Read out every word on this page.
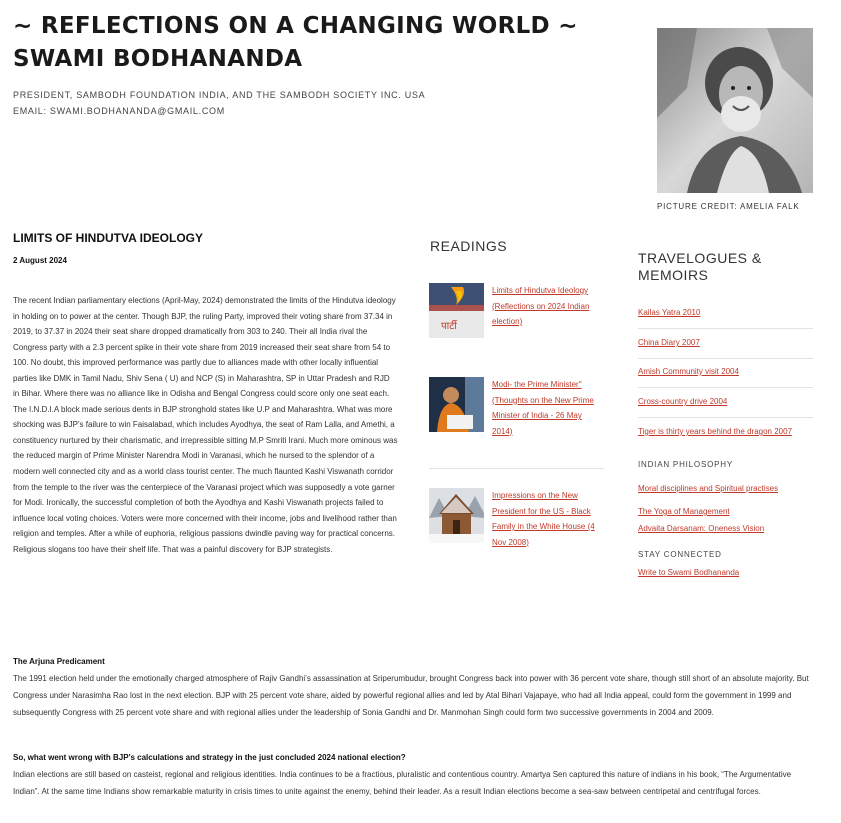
~ REFLECTIONS ON A CHANGING WORLD ~
SWAMI BODHANANDA
PRESIDENT, SAMBODH FOUNDATION INDIA, AND THE SAMBODH SOCIETY INC. USA
EMAIL: SWAMI.BODHANANDA@GMAIL.COM
PICTURE CREDIT: AMELIA FALK
LIMITS OF HINDUTVA IDEOLOGY
2 August 2024
The recent Indian parliamentary elections (April-May, 2024) demonstrated the limits of the Hindutva ideology in holding on to power at the center. Though BJP, the ruling Party, improved their voting share from 37.34 in 2019, to 37.37 in 2024 their seat share dropped dramatically from 303 to 240. Their all India rival the Congress party with a 2.3 percent spike in their vote share from 2019 increased their seat share from 54 to 100. No doubt, this improved performance was partly due to alliances made with other locally influential parties like DMK in Tamil Nadu, Shiv Sena ( U) and NCP (S) in Maharashtra, SP in Uttar Pradesh and RJD in Bihar. Where there was no alliance like in Odisha and Bengal Congress could score only one seat each. The I.N.D.I.A block made serious dents in BJP stronghold states like U.P and Maharashtra. What was more shocking was BJP’s failure to win Faisalabad, which includes Ayodhya, the seat of Ram Lalla, and Amethi, a constituency nurtured by their charismatic, and irrepressible sitting M.P Smriti Irani. Much more ominous was the reduced margin of Prime Minister Narendra Modi in Varanasi, which he nursed to the splendor of a modern well connected city and as a world class tourist center. The much flaunted Kashi Viswanath corridor from the temple to the river was the centerpiece of the Varanasi project which was supposedly a vote garner for Modi. Ironically, the successful completion of both the Ayodhya and Kashi Viswanath projects failed to influence local voting choices. Voters were more concerned with their income, jobs and livelihood rather than religion and temples. After a while of euphoria, religious passions dwindle paving way for practical concerns. Religious slogans too have their shelf life. That was a painful discovery for BJP strategists.
The Arjuna Predicament
The 1991 election held under the emotionally charged atmosphere of Rajiv Gandhi’s assassination at Sriperumbudur, brought Congress back into power with 36 percent vote share, though still short of an absolute majority. But Congress under Narasimha Rao lost in the next election. BJP with 25 percent vote share, aided by powerful regional allies and led by Atal Bihari Vajapaye, who had all India appeal, could form the government in 1999 and subsequently Congress with 25 percent vote share and with regional allies under the leadership of Sonia Gandhi and Dr. Manmohan Singh could form two successive governments in 2004 and 2009.
So, what went wrong with BJP’s calculations and strategy in the just concluded 2024 national election?
Indian elections are still based on casteist, regional and religious identities. India continues to be a fractious, pluralistic and contentious country. Amartya Sen captured this nature of indians in his book, “The Argumentative Indian”. At the same time Indians show remarkable maturity in crisis times to unite against the enemy, behind their leader. As a result Indian elections become a sea-saw between centripetal and centrifugal forces.
READINGS
पार्टी
Limits of Hindutva Ideology (Reflections on 2024 Indian election)
Modi- the Prime Minister" (Thoughts on the New Prime Minister of India - 26 May 2014)
Impressions on the New President for the US - Black Family in the White House (4 Nov 2008)
TRAVELOGUES & MEMOIRS
Kailas Yatra 2010
China Diary 2007
Amish Community visit 2004
Cross-country drive 2004
Tiger is thirty years behind the dragon 2007
INDIAN PHILOSOPHY
Moral disciplines and Spiritual practises
The Yoga of Management
Advaita Darsanam: Oneness Vision
STAY CONNECTED
Write to Swami Bodhananda
